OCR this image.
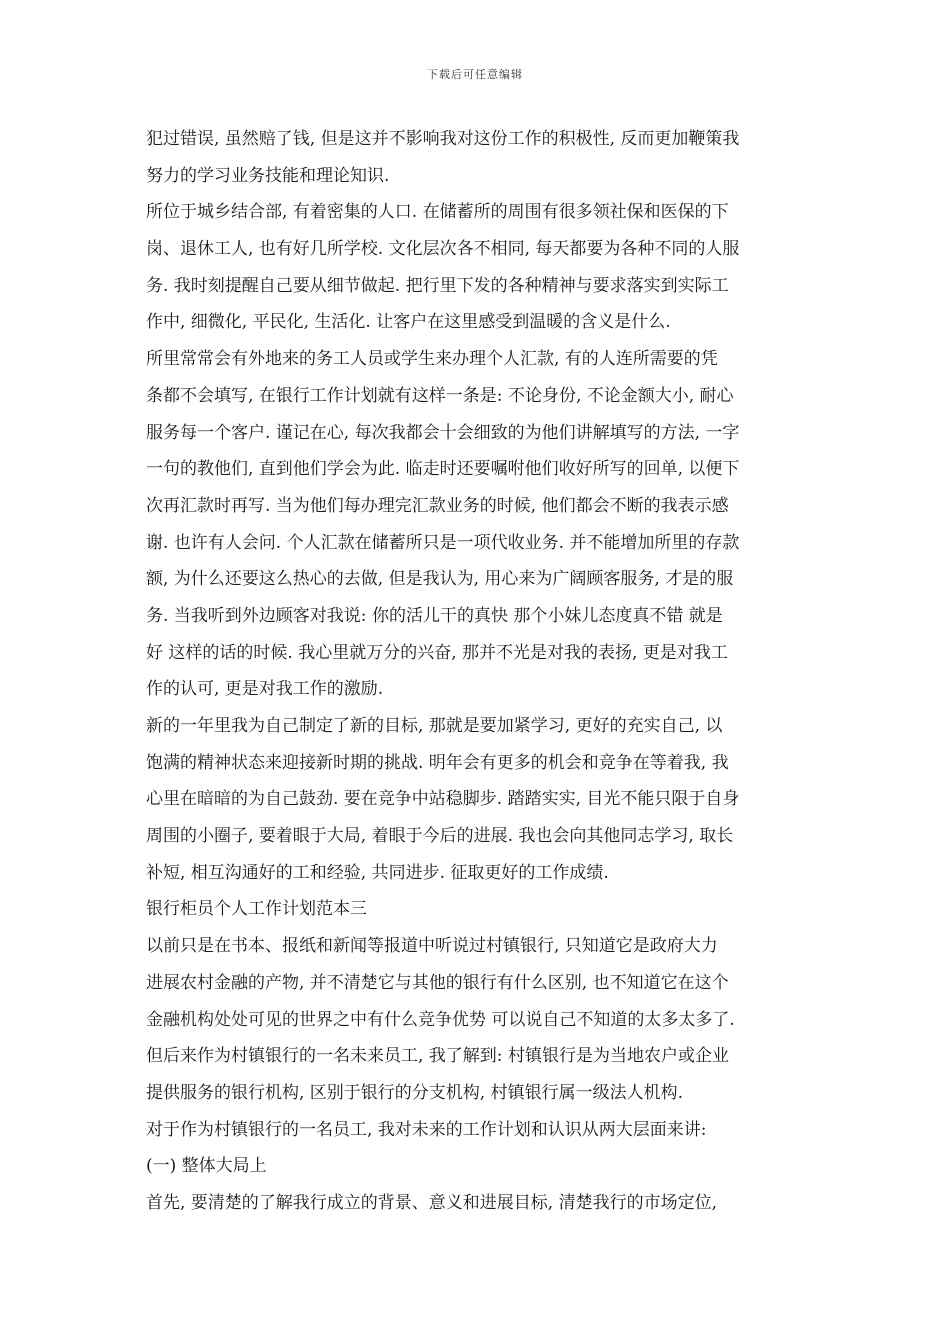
下载后可任意编辑
犯过错误, 虽然赔了钱, 但是这并不影响我对这份工作的积极性, 反而更加鞭策我
努力的学习业务技能和理论知识.
所位于城乡结合部, 有着密集的人口. 在储蓄所的周围有很多领社保和医保的下
岗、退休工人, 也有好几所学校. 文化层次各不相同, 每天都要为各种不同的人服
务. 我时刻提醒自己要从细节做起. 把行里下发的各种精神与要求落实到实际工
作中, 细微化, 平民化, 生活化. 让客户在这里感受到温暖的含义是什么.
所里常常会有外地来的务工人员或学生来办理个人汇款, 有的人连所需要的凭
条都不会填写, 在银行工作计划就有这样一条是: 不论身份, 不论金额大小, 耐心
服务每一个客户. 谨记在心, 每次我都会十会细致的为他们讲解填写的方法, 一字
一句的教他们, 直到他们学会为此. 临走时还要嘱咐他们收好所写的回单, 以便下
次再汇款时再写. 当为他们每办理完汇款业务的时候, 他们都会不断的我表示感
谢. 也许有人会问. 个人汇款在储蓄所只是一项代收业务. 并不能增加所里的存款
额, 为什么还要这么热心的去做, 但是我认为, 用心来为广阔顾客服务, 才是的服
务. 当我听到外边顾客对我说: 你的活儿干的真快 那个小妹儿态度真不错 就是
好 这样的话的时候. 我心里就万分的兴奋, 那并不光是对我的表扬, 更是对我工
作的认可, 更是对我工作的激励.
新的一年里我为自己制定了新的目标, 那就是要加紧学习, 更好的充实自己, 以
饱满的精神状态来迎接新时期的挑战. 明年会有更多的机会和竞争在等着我, 我
心里在暗暗的为自己鼓劲. 要在竞争中站稳脚步. 踏踏实实, 目光不能只限于自身
周围的小圈子, 要着眼于大局, 着眼于今后的进展. 我也会向其他同志学习, 取长
补短, 相互沟通好的工和经验, 共同进步. 征取更好的工作成绩.
银行柜员个人工作计划范本三
以前只是在书本、报纸和新闻等报道中听说过村镇银行, 只知道它是政府大力
进展农村金融的产物, 并不清楚它与其他的银行有什么区别, 也不知道它在这个
金融机构处处可见的世界之中有什么竞争优势 可以说自己不知道的太多太多了.
但后来作为村镇银行的一名未来员工, 我了解到: 村镇银行是为当地农户或企业
提供服务的银行机构, 区别于银行的分支机构, 村镇银行属一级法人机构.
对于作为村镇银行的一名员工, 我对未来的工作计划和认识从两大层面来讲:
(一) 整体大局上
首先, 要清楚的了解我行成立的背景、意义和进展目标, 清楚我行的市场定位,
